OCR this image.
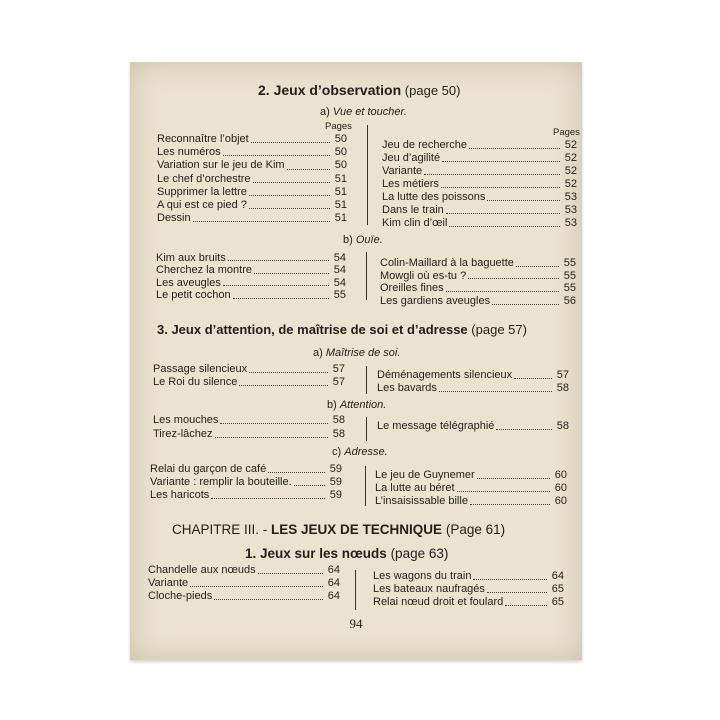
2. Jeux d’observation (page 50)
a) Vue et toucher.
Pages
Pages
Reconnaître l’objet	50
Les numéros	50
Variation sur le jeu de Kim	50
Le chef d’orchestre	51
Supprimer la lettre	51
A qui est ce pied ?	51
Dessin	51
Jeu de recherche	52
Jeu d’agilité	52
Variante	52
Les métiers	52
La lutte des poissons	53
Dans le train	53
Kim clin d’œil	53
b) Ouïe.
Kim aux bruits	54
Cherchez la montre	54
Les aveugles	54
Le petit cochon	55
Colin-Maillard à la baguette	55
Mowgli où es-tu ?	55
Oreilles fines	55
Les gardiens aveugles	56
3. Jeux d’attention, de maîtrise de soi et d’adresse (page 57)
a) Maîtrise de soi.
Passage silencieux	57
Le Roi du silence	57
Déménagements silencieux	57
Les bavards	58
b) Attention.
Les mouches	58
Tirez-lâchez	58
Le message télégraphié	58
c) Adresse.
Relai du garçon de café	59
Variante : remplir la bouteille.	59
Les haricots	59
Le jeu de Guynemer	60
La lutte au béret	60
L’insaisissable bille	60
CHAPITRE III. - LES JEUX DE TECHNIQUE (Page 61)
1. Jeux sur les nœuds (page 63)
Chandelle aux nœuds	64
Variante	64
Cloche-pieds	64
Les wagons du train	64
Les bateaux naufragés	65
Relai nœud droit et foulard	65
94
